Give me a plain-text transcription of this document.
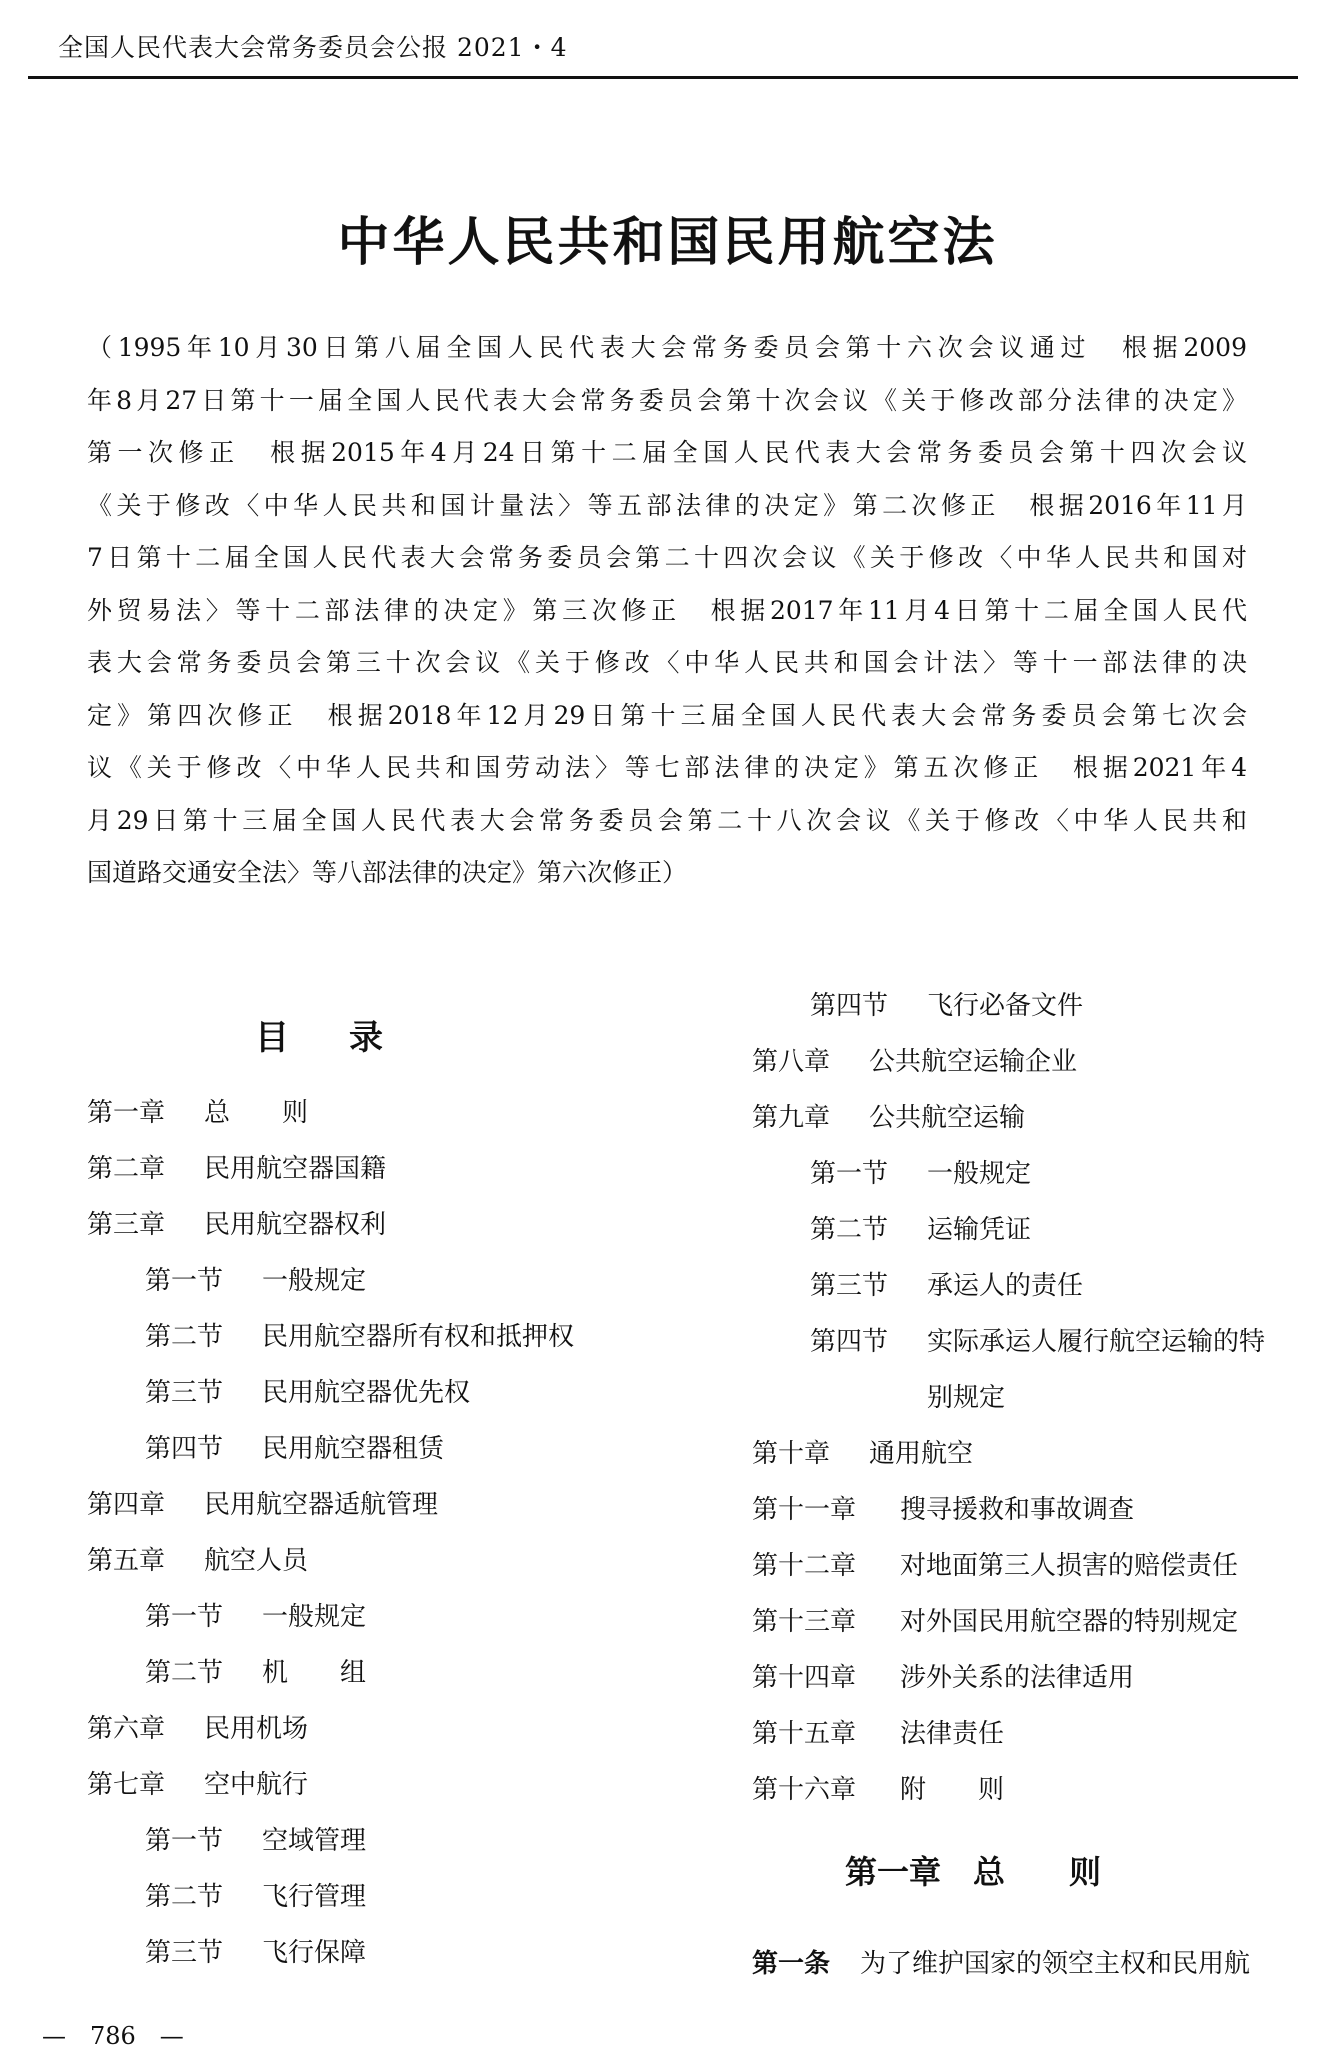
全国人民代表大会常务委员会公报 2021・4
中华人民共和国民用航空法
（1995年10月30日第八届全国人民代表大会常务委员会第十六次会议通过　根据2009
年8月27日第十一届全国人民代表大会常务委员会第十次会议《关于修改部分法律的决定》
第一次修正　根据2015年4月24日第十二届全国人民代表大会常务委员会第十四次会议
《关于修改〈中华人民共和国计量法〉等五部法律的决定》第二次修正　根据2016年11月
7日第十二届全国人民代表大会常务委员会第二十四次会议《关于修改〈中华人民共和国对
外贸易法〉等十二部法律的决定》第三次修正　根据2017年11月4日第十二届全国人民代
表大会常务委员会第三十次会议《关于修改〈中华人民共和国会计法〉等十一部法律的决
定》第四次修正　根据2018年12月29日第十三届全国人民代表大会常务委员会第七次会
议《关于修改〈中华人民共和国劳动法〉等七部法律的决定》第五次修正　根据2021年4
月29日第十三届全国人民代表大会常务委员会第二十八次会议《关于修改〈中华人民共和
国道路交通安全法〉等八部法律的决定》第六次修正）
目录
第一章 总　　则
第二章 民用航空器国籍
第三章 民用航空器权利
第一节 一般规定
第二节 民用航空器所有权和抵押权
第三节 民用航空器优先权
第四节 民用航空器租赁
第四章 民用航空器适航管理
第五章 航空人员
第一节 一般规定
第二节 机　　组
第六章 民用机场
第七章 空中航行
第一节 空域管理
第二节 飞行管理
第三节 飞行保障
第四节 飞行必备文件
第八章 公共航空运输企业
第九章 公共航空运输
第一节 一般规定
第二节 运输凭证
第三节 承运人的责任
第四节 实际承运人履行航空运输的特
别规定
第十章 通用航空
第十一章 搜寻援救和事故调查
第十二章 对地面第三人损害的赔偿责任
第十三章 对外国民用航空器的特别规定
第十四章 涉外关系的法律适用
第十五章 法律责任
第十六章 附　　则
第一章　总　　则
第一条 为了维护国家的领空主权和民用航
—　786　—
